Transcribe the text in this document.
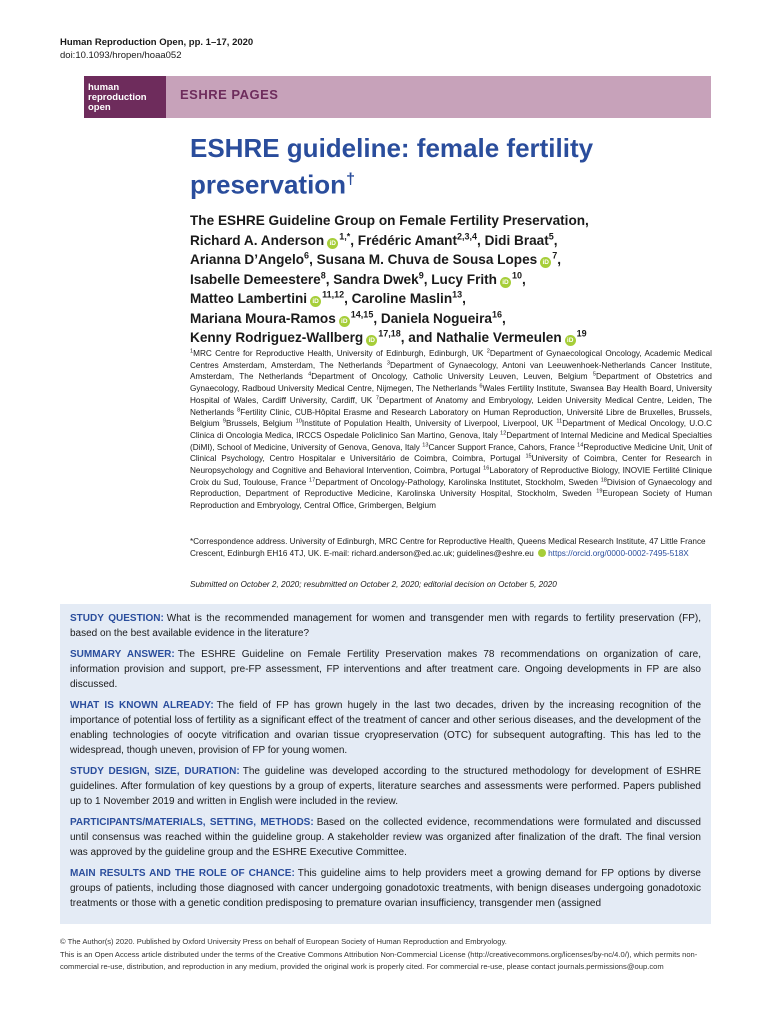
Human Reproduction Open, pp. 1–17, 2020
doi:10.1093/hropen/hoaa052
human
reproduction
open
ESHRE PAGES
ESHRE guideline: female fertility preservation†
The ESHRE Guideline Group on Female Fertility Preservation,
Richard A. Anderson $iD^{1,*}$, Frédéric Amant$^{2,3,4}$, Didi Braat$^5$,
Arianna D’Angelo$^6$, Susana M. Chuva de Sousa Lopes $iD^7$,
Isabelle Demeestere$^8$, Sandra Dwek$^9$, Lucy Frith $iD^{10}$,
Matteo Lambertini iD$^{11,12}$, Caroline Maslin$^{13}$,
Mariana Moura-Ramos iD$^{14,15}$, Daniela Nogueira$^{16}$,
Kenny Rodriguez-Wallberg iD$^{17,18}$, and Nathalie Vermeulen $iD^{19}$
$^1$MRC Centre for Reproductive Health, University of Edinburgh, Edinburgh, UK $^2$Department of Gynaecological Oncology, Academic Medical Centres Amsterdam, Amsterdam, The Netherlands $^3$Department of Gynaecology, Antoni van Leeuwenhoek-Netherlands Cancer Institute, Amsterdam, The Netherlands $^4$Department of Oncology, Catholic University Leuven, Leuven, Belgium $^5$Department of Obstetrics and Gynaecology, Radboud University Medical Centre, Nijmegen, The Netherlands $^6$Wales Fertility Institute, Swansea Bay Health Board, University Hospital of Wales, Cardiff University, Cardiff, UK $^7$Department of Anatomy and Embryology, Leiden University Medical Centre, Leiden, The Netherlands $^8$Fertility Clinic, CUB-Hôpital Erasme and Research Laboratory on Human Reproduction, Université Libre de Bruxelles, Brussels, Belgium $^9$Brussels, Belgium $^{10}$Institute of Population Health, University of Liverpool, Liverpool, UK $^{11}$Department of Medical Oncology, U.O.C Clinica di Oncologia Medica, IRCCS Ospedale Policlinico San Martino, Genova, Italy $^{12}$Department of Internal Medicine and Medical Specialties (DiMI), School of Medicine, University of Genova, Genova, Italy $^{13}$Cancer Support France, Cahors, France $^{14}$Reproductive Medicine Unit, Unit of Clinical Psychology, Centro Hospitalar e Universitário de Coimbra, Coimbra, Portugal $^{15}$University of Coimbra, Center for Research in Neuropsychology and Cognitive and Behavioral Intervention, Coimbra, Portugal $^{16}$Laboratory of Reproductive Biology, INOVIE Fertilité Clinique Croix du Sud, Toulouse, France $^{17}$Department of Oncology-Pathology, Karolinska Institutet, Stockholm, Sweden $^{18}$Division of Gynaecology and Reproduction, Department of Reproductive Medicine, Karolinska University Hospital, Stockholm, Sweden $^{19}$European Society of Human Reproduction and Embryology, Central Office, Grimbergen, Belgium
*Correspondence address. University of Edinburgh, MRC Centre for Reproductive Health, Queens Medical Research Institute, 47 Little France Crescent, Edinburgh EH16 4TJ, UK. E-mail: richard.anderson@ed.ac.uk; guidelines@eshre.eu https://orcid.org/0000-0002-7495-518X
Submitted on October 2, 2020; resubmitted on October 2, 2020; editorial decision on October 5, 2020

STUDY QUESTION: What is the recommended management for women and transgender men with regards to fertility preservation (FP), based on the best available evidence in the literature?

SUMMARY ANSWER: The ESHRE Guideline on Female Fertility Preservation makes 78 recommendations on organization of care, information provision and support, pre-FP assessment, FP interventions and after treatment care. Ongoing developments in FP are also discussed.

WHAT IS KNOWN ALREADY: The field of FP has grown hugely in the last two decades, driven by the increasing recognition of the importance of potential loss of fertility as a significant effect of the treatment of cancer and other serious diseases, and the development of the enabling technologies of oocyte vitrification and ovarian tissue cryopreservation (OTC) for subsequent autografting. This has led to the widespread, though uneven, provision of FP for young women.

STUDY DESIGN, SIZE, DURATION: The guideline was developed according to the structured methodology for development of ESHRE guidelines. After formulation of key questions by a group of experts, literature searches and assessments were performed. Papers published up to 1 November 2019 and written in English were included in the review.

PARTICIPANTS/MATERIALS, SETTING, METHODS: Based on the collected evidence, recommendations were formulated and discussed until consensus was reached within the guideline group. A stakeholder review was organized after finalization of the draft. The final version was approved by the guideline group and the ESHRE Executive Committee.

MAIN RESULTS AND THE ROLE OF CHANCE: This guideline aims to help providers meet a growing demand for FP options by diverse groups of patients, including those diagnosed with cancer undergoing gonadotoxic treatments, with benign diseases undergoing gonadotoxic treatments or those with a genetic condition predisposing to premature ovarian insufficiency, transgender men (assigned

© The Author(s) 2020. Published by Oxford University Press on behalf of European Society of Human Reproduction and Embryology.
This is an Open Access article distributed under the terms of the Creative Commons Attribution Non-Commercial License (http://creativecommons.org/licenses/by-nc/4.0/), which permits non-commercial re-use, distribution, and reproduction in any medium, provided the original work is properly cited. For commercial re-use, please contact journals.permissions@oup.com
